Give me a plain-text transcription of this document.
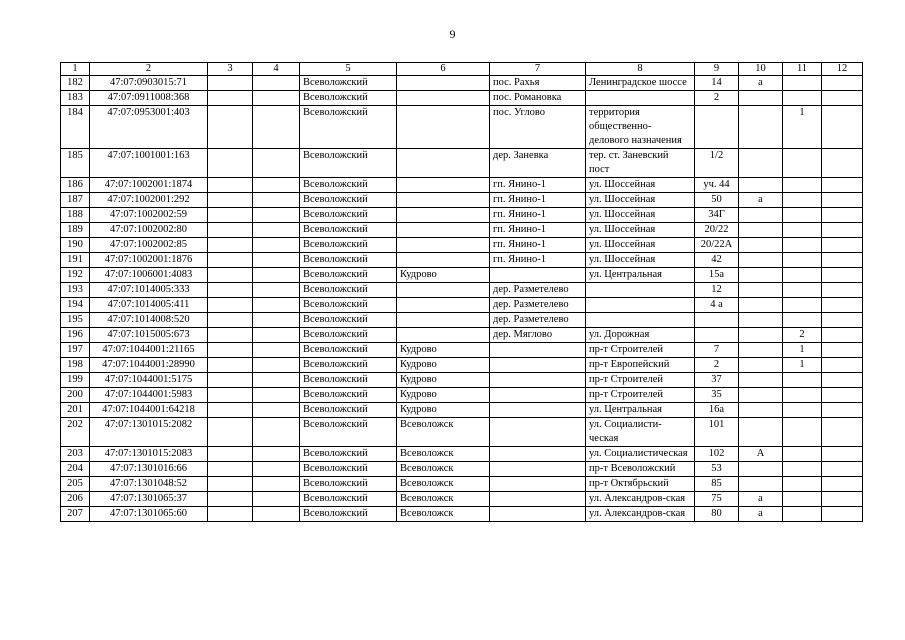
9
1	2	3	4	5	6	7	8	9	10	11	12
182	47:07:0903015:71			Всеволожский		пос. Рахья	Ленинградское шоссе	14	а		
183	47:07:0911008:368			Всеволожский		пос. Романовка		2			
184	47:07:0953001:403			Всеволожский		пос. Углово	территория общественно-делового назначения			1	
185	47:07:1001001:163			Всеволожский		дер. Заневка	тер. ст. Заневский пост	1/2			
186	47:07:1002001:1874			Всеволожский		гп. Янино-1	ул. Шоссейная	уч. 44			
187	47:07:1002001:292			Всеволожский		гп. Янино-1	ул. Шоссейная	50	а		
188	47:07:1002002:59			Всеволожский		гп. Янино-1	ул. Шоссейная	34Г			
189	47:07:1002002:80			Всеволожский		гп. Янино-1	ул. Шоссейная	20/22			
190	47:07:1002002:85			Всеволожский		гп. Янино-1	ул. Шоссейная	20/22А			
191	47:07:1002001:1876			Всеволожский		гп. Янино-1	ул. Шоссейная	42			
192	47:07:1006001:4083			Всеволожский	Кудрово		ул. Центральная	15а			
193	47:07:1014005:333			Всеволожский		дер. Разметелево		12			
194	47:07:1014005:411			Всеволожский		дер. Разметелево		4 а			
195	47:07:1014008:520			Всеволожский		дер. Разметелево					
196	47:07:1015005:673			Всеволожский		дер. Мяглово	ул. Дорожная			2	
197	47:07:1044001:21165			Всеволожский	Кудрово		пр-т Строителей	7		1	
198	47:07:1044001:28990			Всеволожский	Кудрово		пр-т Европейский	2		1	
199	47:07:1044001:5175			Всеволожский	Кудрово		пр-т Строителей	37			
200	47:07:1044001:5983			Всеволожский	Кудрово		пр-т Строителей	35			
201	47:07:1044001:64218			Всеволожский	Кудрово		ул. Центральная	16а			
202	47:07:1301015:2082			Всеволожский	Всеволожск		ул. Социалисти-ческая	101			
203	47:07:1301015:2083			Всеволожский	Всеволожск		ул. Социалистическая	102	А		
204	47:07:1301016:66			Всеволожский	Всеволожск		пр-т Всеволожский	53			
205	47:07:1301048:52			Всеволожский	Всеволожск		пр-т Октябрьский	85			
206	47:07:1301065:37			Всеволожский	Всеволожск		ул. Александров-ская	75	а		
207	47:07:1301065:60			Всеволожский	Всеволожск		ул. Александров-ская	80	а		
